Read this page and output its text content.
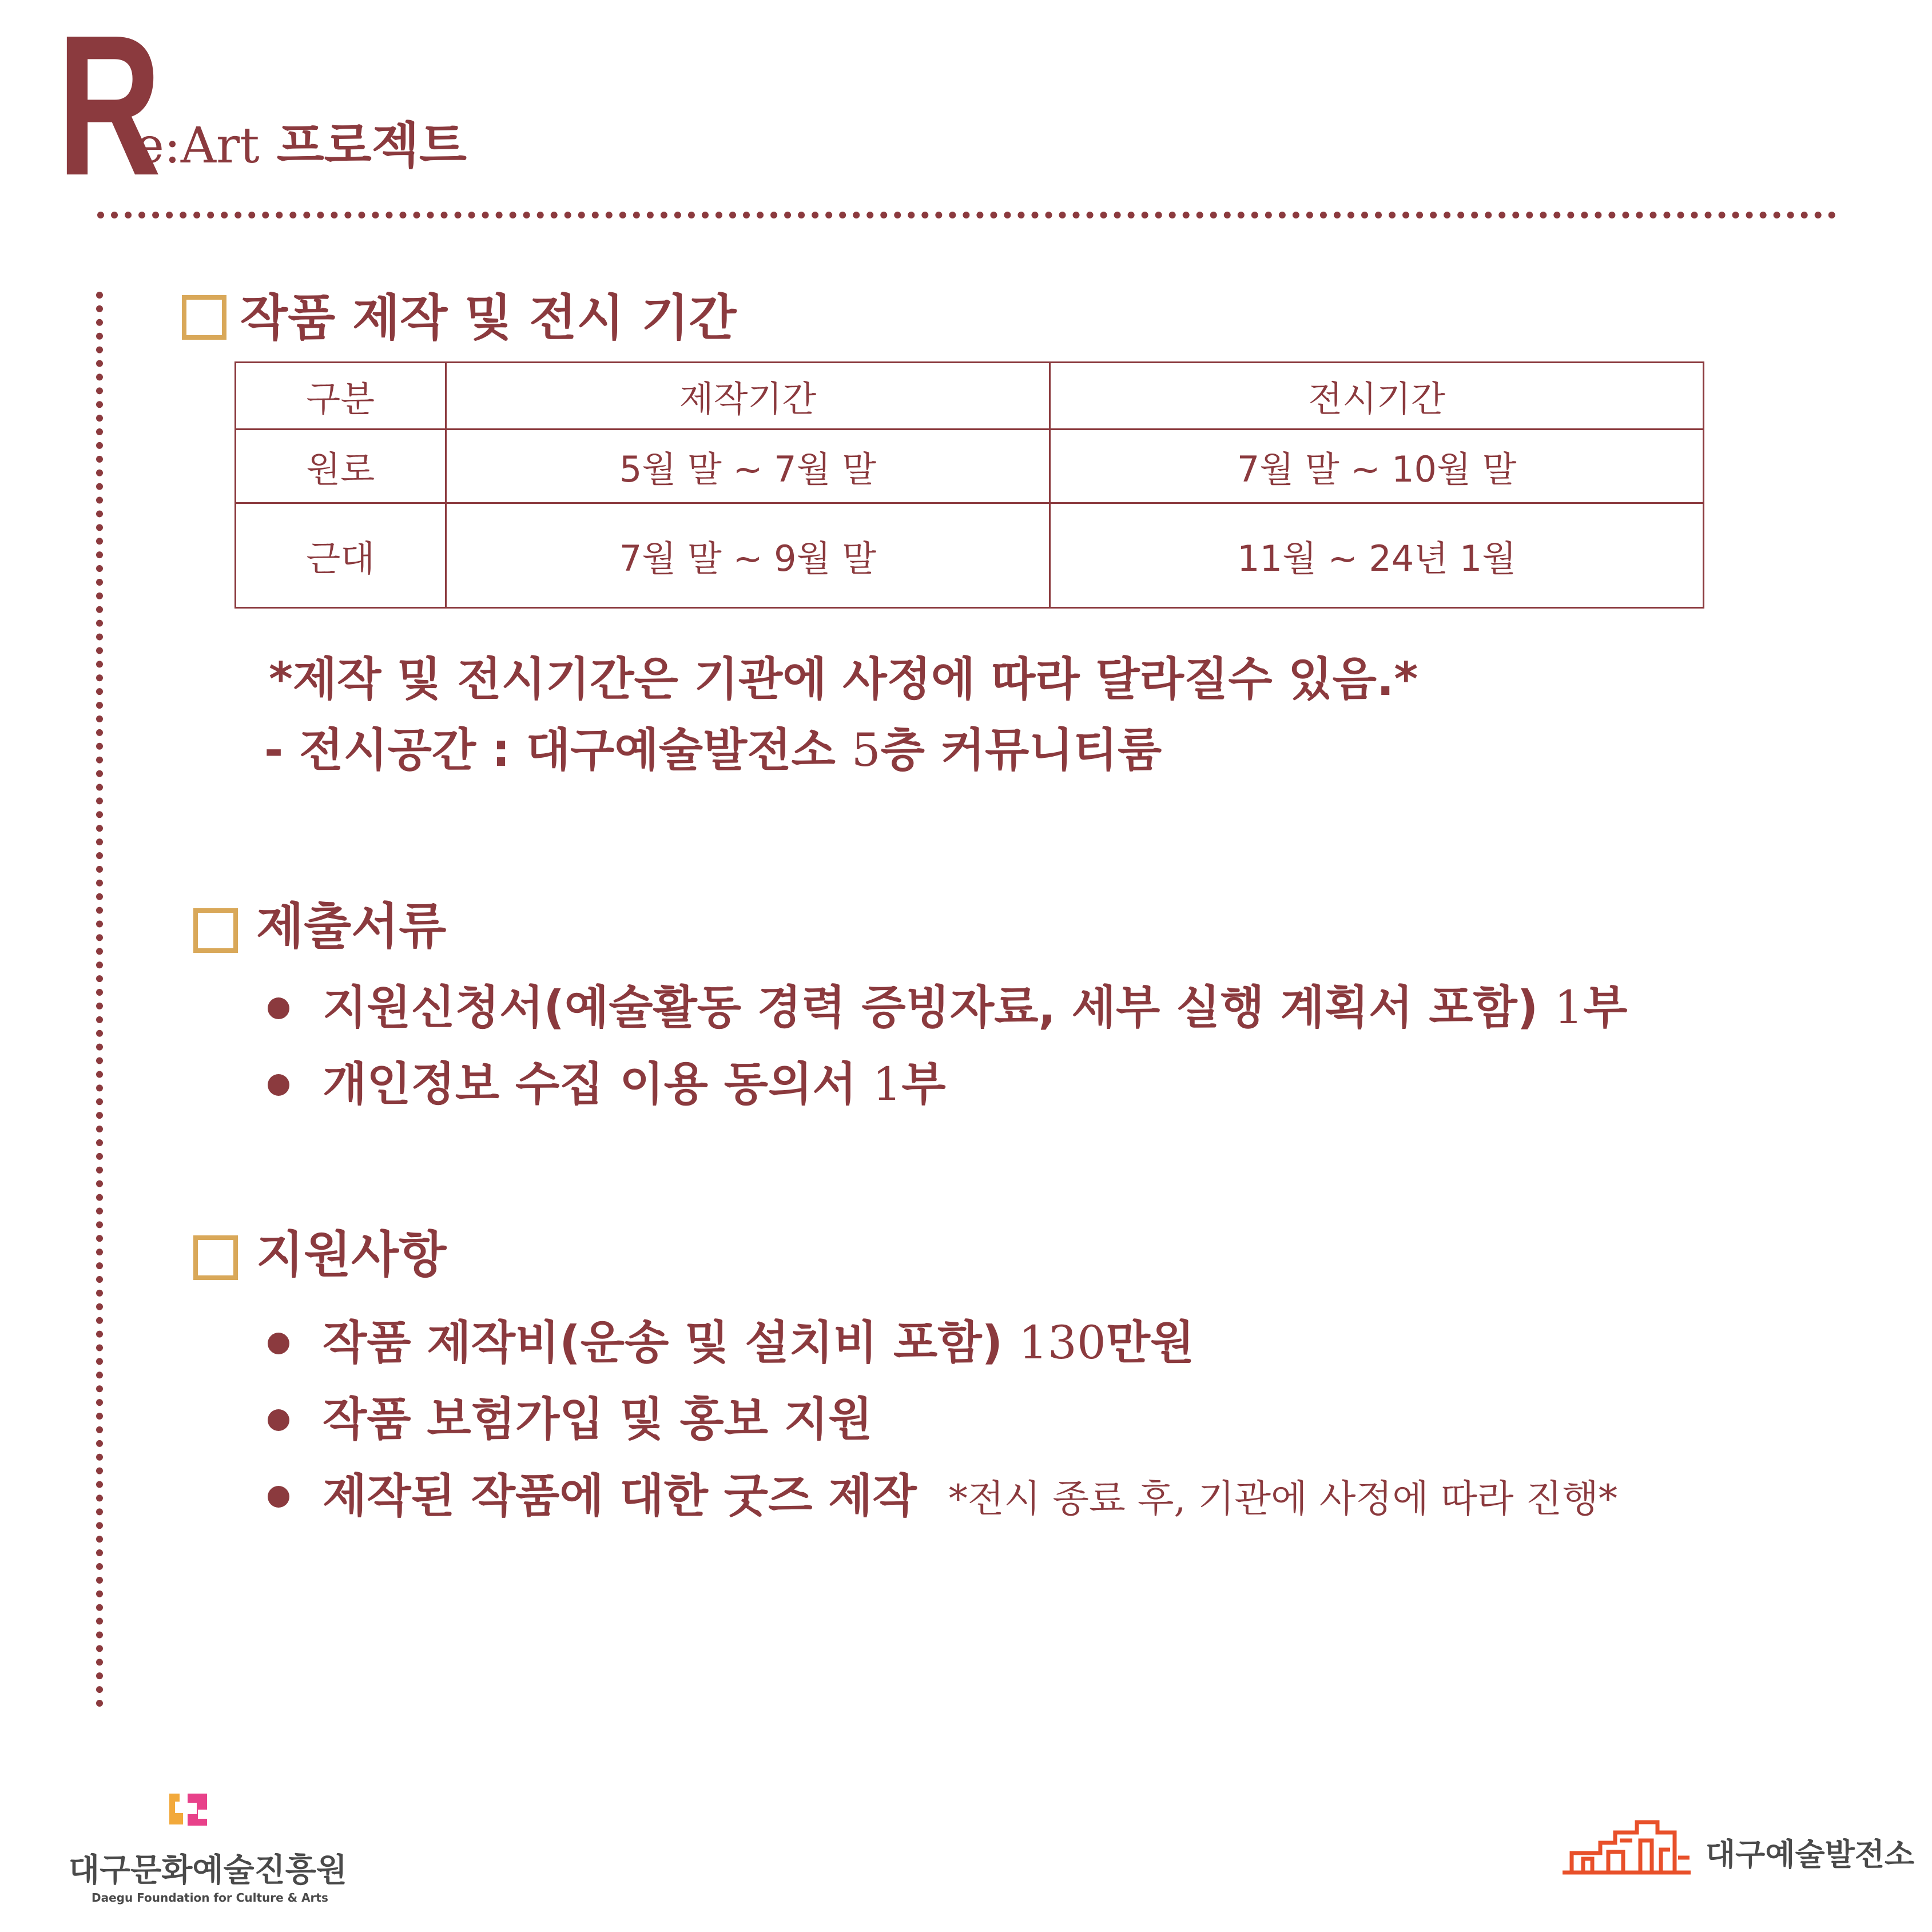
R
e:Art 프로젝트
작품 제작 및 전시 기간
구분	제작기간	전시기간
원로	5월 말 ~ 7월 말	7월 말 ~ 10월 말
근대	7월 말 ~ 9월 말	11월 ~ 24년 1월
*제작 및 전시기간은 기관에 사정에 따라 달라질수 있음.*
- 전시공간 : 대구예술발전소 5층 커뮤니티룸
제출서류
지원신청서(예술활동 경력 증빙자료, 세부 실행 계획서 포함) 1부
개인정보 수집 이용 동의서 1부
지원사항
작품 제작비(운송 및 설치비 포함) 130만원
작품 보험가입 및 홍보 지원
제작된 작품에 대한 굿즈 제작 *전시 종료 후, 기관에 사정에 따라 진행*
대구문화예술진흥원
Daegu Foundation for Culture & Arts
대구예술발전소
